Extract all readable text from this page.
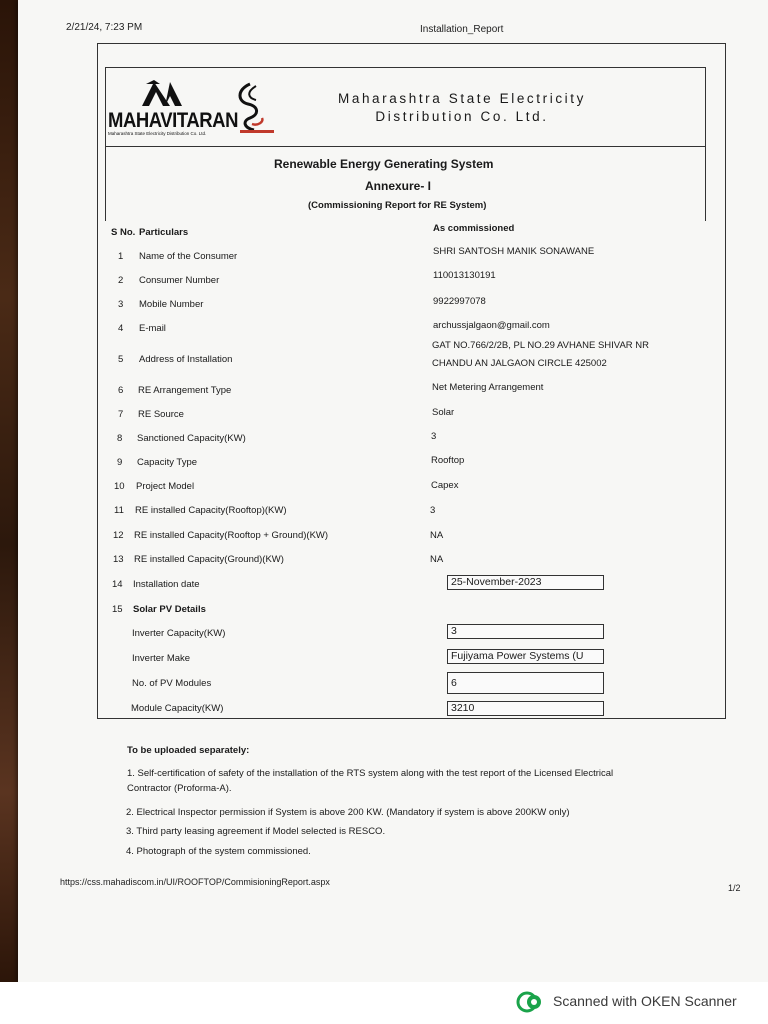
2/21/24, 7:23 PM	Installation_Report
https://css.mahadiscom.in/UI/ROOFTOP/CommisioningReport.aspx
1/2
MAHAVITARAN
Maharashtra State Electricity Distribution Co. Ltd.
Maharashtra State Electricity
Distribution Co. Ltd.
Renewable Energy Generating System
Annexure- I
(Commissioning Report for RE System)
S No. Particulars	As commissioned
1 Name of the Consumer	SHRI SANTOSH MANIK SONAWANE
2 Consumer Number	110013130191
3 Mobile Number	9922997078
4 E-mail	archussjalgaon@gmail.com
5 Address of Installation
GAT NO.766/2/2B, PL NO.29 AVHANE SHIVAR NR
CHANDU AN JALGAON CIRCLE 425002
6 RE Arrangement Type	Net Metering Arrangement
7 RE Source	Solar
8 Sanctioned Capacity(KW)	3
9 Capacity Type	Rooftop
10 Project Model	Capex
11 RE installed Capacity(Rooftop)(KW)	3
12 RE installed Capacity(Rooftop + Ground)(KW)	NA
13 RE installed Capacity(Ground)(KW)	NA
14 Installation date	25-November-2023
15 Solar PV Details
Inverter Capacity(KW)	3
Inverter Make	Fujiyama Power Systems (U
No. of PV Modules	6
Module Capacity(KW)	3210
To be uploaded separately:
1. Self-certification of safety of the installation of the RTS system along with the test report of the Licensed Electrical
Contractor (Proforma-A).
2. Electrical Inspector permission if System is above 200 KW. (Mandatory if system is above 200KW only)
3. Third party leasing agreement if Model selected is RESCO.
4. Photograph of the system commissioned.
Scanned with OKEN Scanner
